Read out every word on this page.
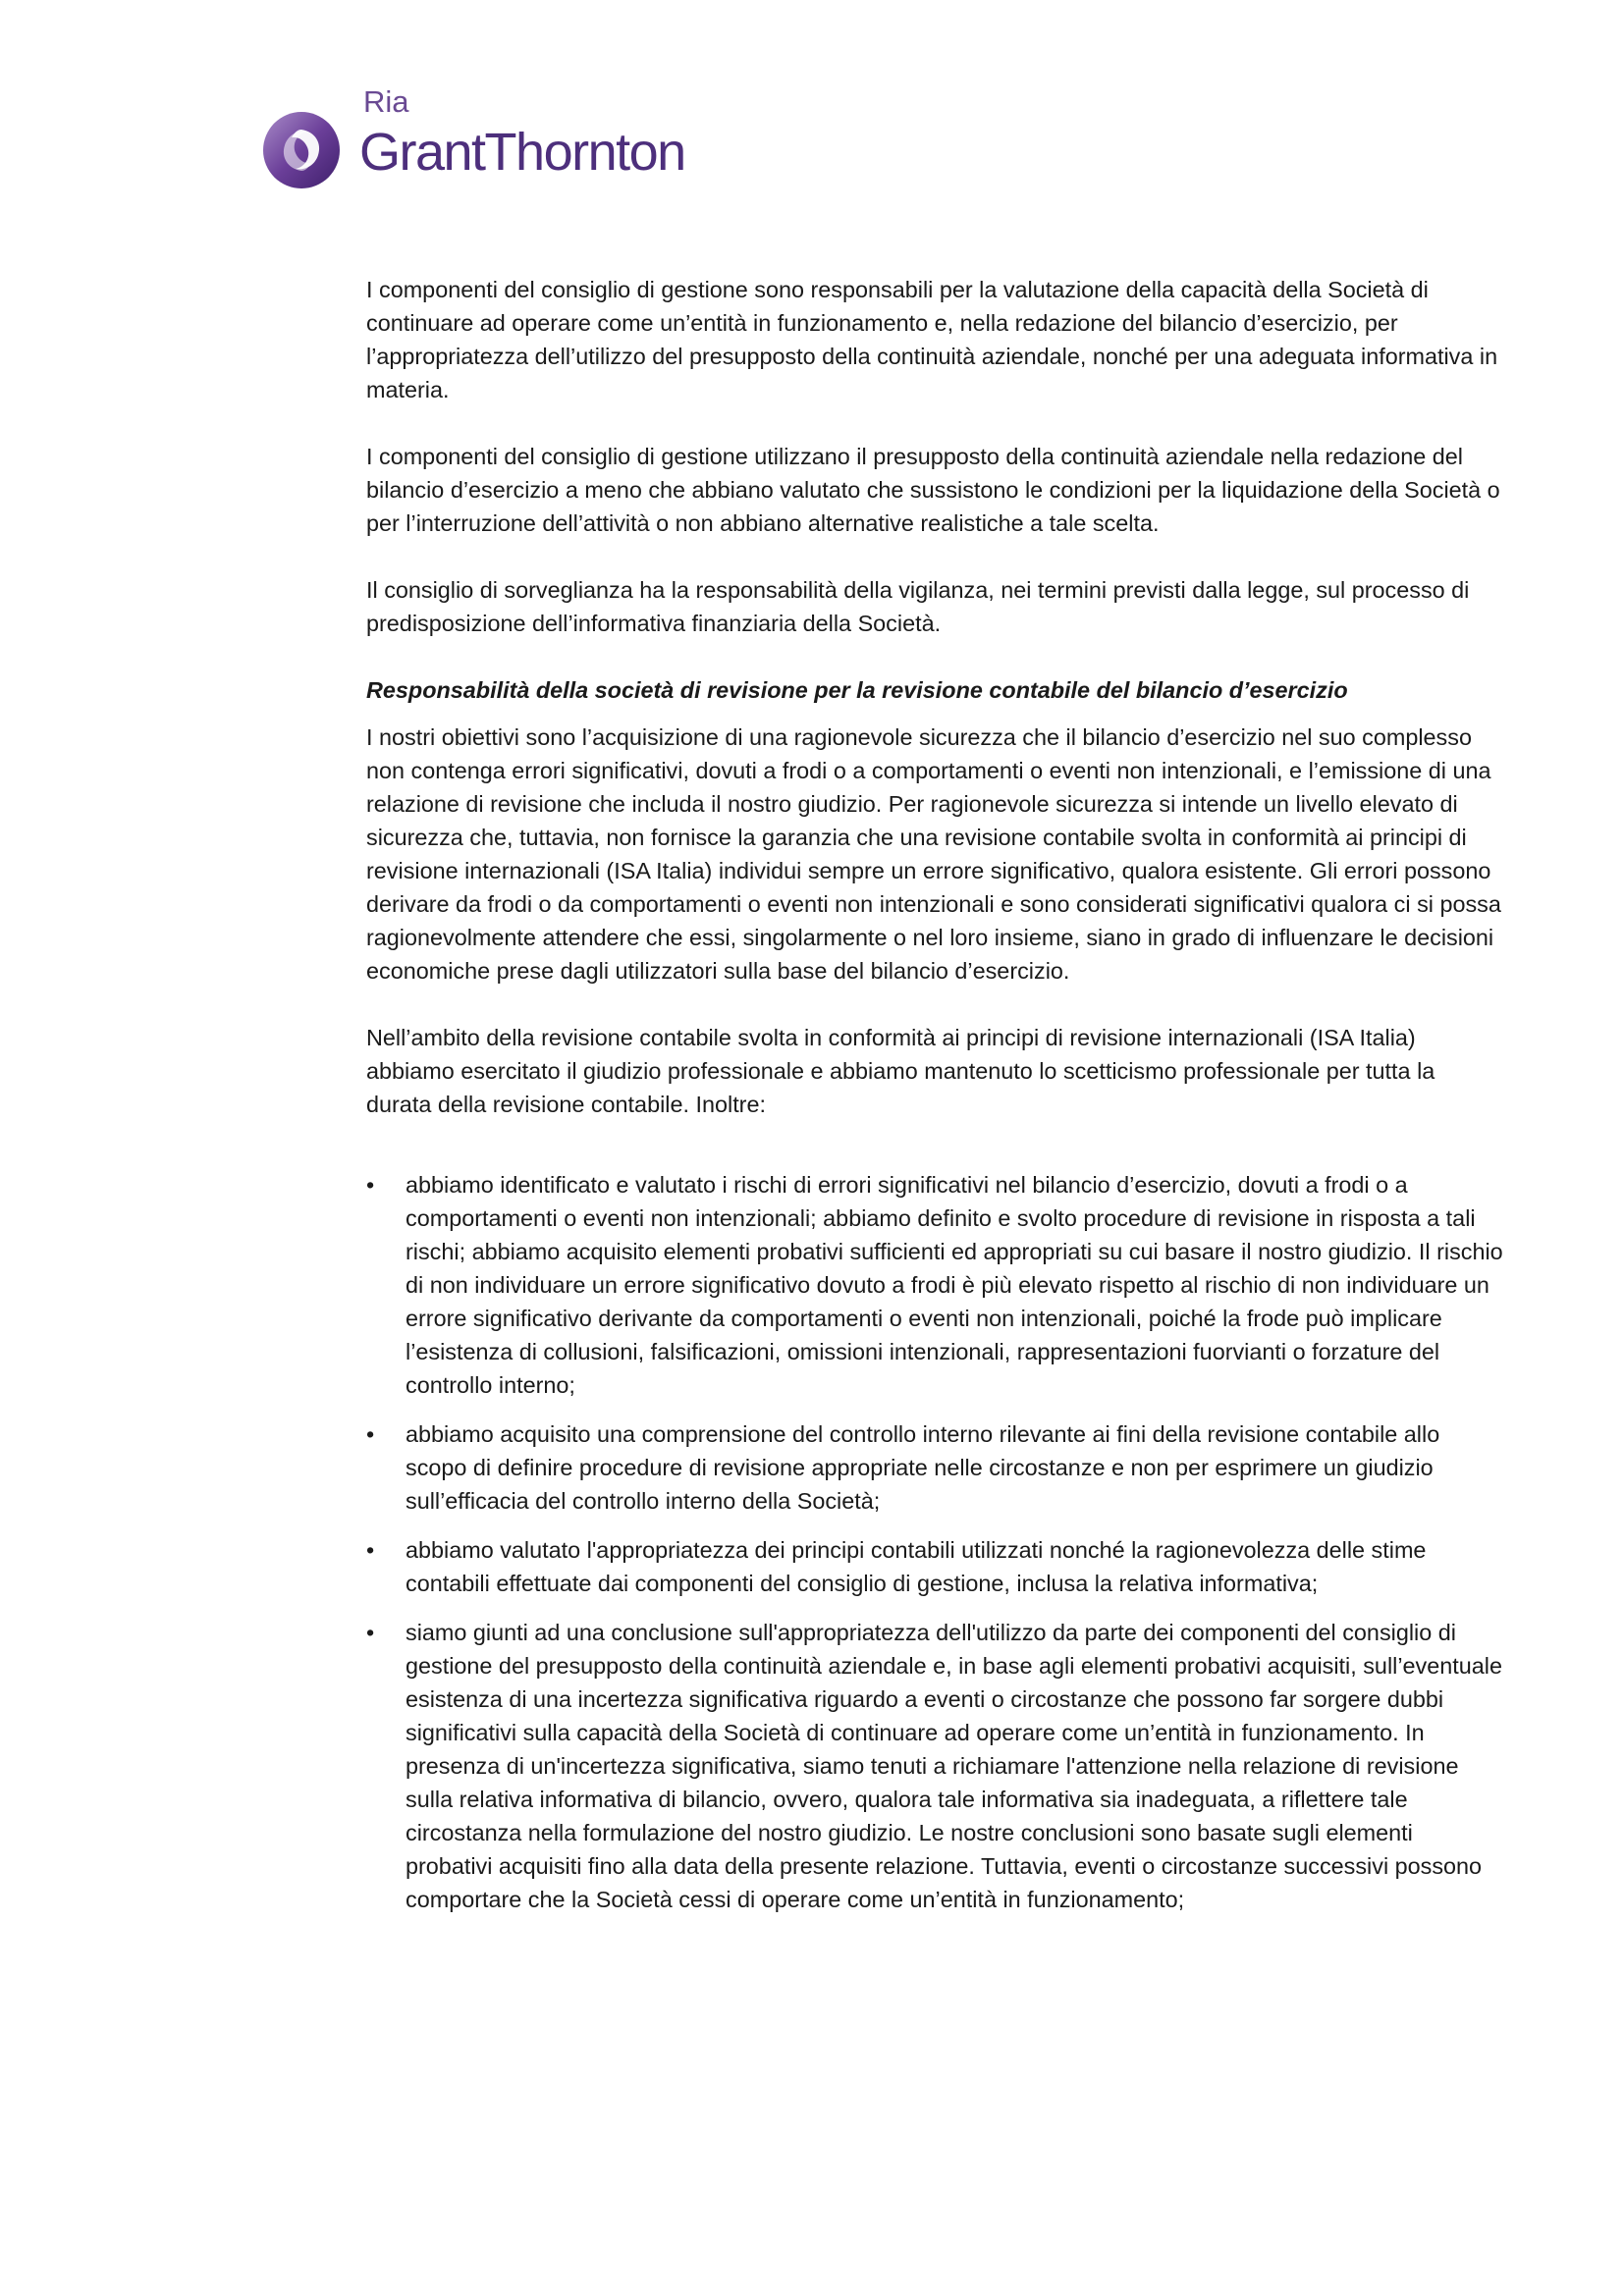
Ria
GrantThornton

I componenti del consiglio di gestione sono responsabili per la valutazione della capacità della Società di continuare ad operare come un’entità in funzionamento e, nella redazione del bilancio d’esercizio, per l’appropriatezza dell’utilizzo del presupposto della continuità aziendale, nonché per una adeguata informativa in materia.

I componenti del consiglio di gestione utilizzano il presupposto della continuità aziendale nella redazione del bilancio d’esercizio a meno che abbiano valutato che sussistono le condizioni per la liquidazione della Società o per l’interruzione dell’attività o non abbiano alternative realistiche a tale scelta.

Il consiglio di sorveglianza ha la responsabilità della vigilanza, nei termini previsti dalla legge, sul processo di predisposizione dell’informativa finanziaria della Società.

Responsabilità della società di revisione per la revisione contabile del bilancio d’esercizio

I nostri obiettivi sono l’acquisizione di una ragionevole sicurezza che il bilancio d’esercizio nel suo complesso non contenga errori significativi, dovuti a frodi o a comportamenti o eventi non intenzionali, e l’emissione di una relazione di revisione che includa il nostro giudizio. Per ragionevole sicurezza si intende un livello elevato di sicurezza che, tuttavia, non fornisce la garanzia che una revisione contabile svolta in conformità ai principi di revisione internazionali (ISA Italia) individui sempre un errore significativo, qualora esistente. Gli errori possono derivare da frodi o da comportamenti o eventi non intenzionali e sono considerati significativi qualora ci si possa ragionevolmente attendere che essi, singolarmente o nel loro insieme, siano in grado di influenzare le decisioni economiche prese dagli utilizzatori sulla base del bilancio d’esercizio.

Nell’ambito della revisione contabile svolta in conformità ai principi di revisione internazionali (ISA Italia) abbiamo esercitato il giudizio professionale e abbiamo mantenuto lo scetticismo professionale per tutta la durata della revisione contabile. Inoltre:

• abbiamo identificato e valutato i rischi di errori significativi nel bilancio d’esercizio, dovuti a frodi o a comportamenti o eventi non intenzionali; abbiamo definito e svolto procedure di revisione in risposta a tali rischi; abbiamo acquisito elementi probativi sufficienti ed appropriati su cui basare il nostro giudizio. Il rischio di non individuare un errore significativo dovuto a frodi è più elevato rispetto al rischio di non individuare un errore significativo derivante da comportamenti o eventi non intenzionali, poiché la frode può implicare l’esistenza di collusioni, falsificazioni, omissioni intenzionali, rappresentazioni fuorvianti o forzature del controllo interno;
• abbiamo acquisito una comprensione del controllo interno rilevante ai fini della revisione contabile allo scopo di definire procedure di revisione appropriate nelle circostanze e non per esprimere un giudizio sull’efficacia del controllo interno della Società;
• abbiamo valutato l'appropriatezza dei principi contabili utilizzati nonché la ragionevolezza delle stime contabili effettuate dai componenti del consiglio di gestione, inclusa la relativa informativa;
• siamo giunti ad una conclusione sull'appropriatezza dell'utilizzo da parte dei componenti del consiglio di gestione del presupposto della continuità aziendale e, in base agli elementi probativi acquisiti, sull’eventuale esistenza di una incertezza significativa riguardo a eventi o circostanze che possono far sorgere dubbi significativi sulla capacità della Società di continuare ad operare come un’entità in funzionamento. In presenza di un'incertezza significativa, siamo tenuti a richiamare l'attenzione nella relazione di revisione sulla relativa informativa di bilancio, ovvero, qualora tale informativa sia inadeguata, a riflettere tale circostanza nella formulazione del nostro giudizio. Le nostre conclusioni sono basate sugli elementi probativi acquisiti fino alla data della presente relazione. Tuttavia, eventi o circostanze successivi possono comportare che la Società cessi di operare come un’entità in funzionamento;
